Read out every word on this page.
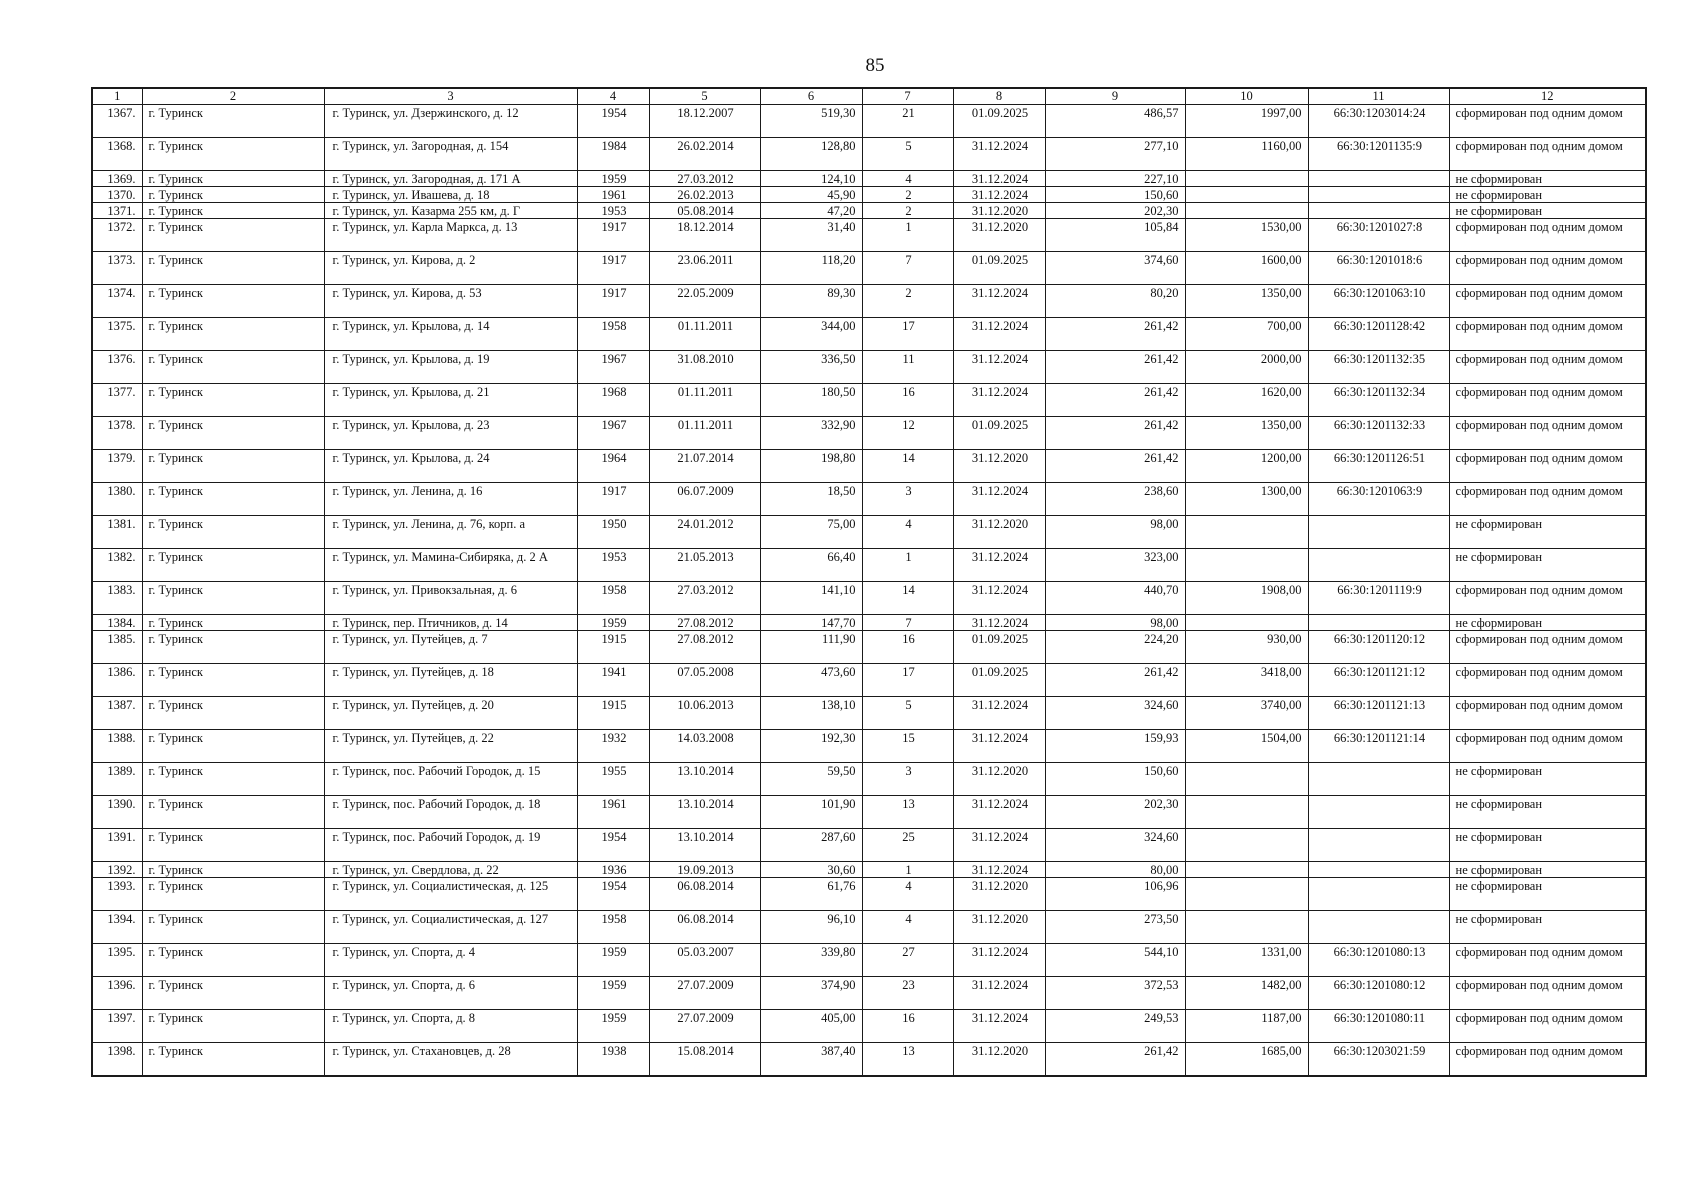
85
1	2	3	4	5	6	7	8	9	10	11	12
1367.	г. Туринск	г. Туринск, ул. Дзержинского, д. 12	1954	18.12.2007	519,30	21	01.09.2025	486,57	1997,00	66:30:1203014:24	сформирован под одним домом
1368.	г. Туринск	г. Туринск, ул. Загородная, д. 154	1984	26.02.2014	128,80	5	31.12.2024	277,10	1160,00	66:30:1201135:9	сформирован под одним домом
1369.	г. Туринск	г. Туринск, ул. Загородная, д. 171 А	1959	27.03.2012	124,10	4	31.12.2024	227,10			не сформирован
1370.	г. Туринск	г. Туринск, ул. Ивашева, д. 18	1961	26.02.2013	45,90	2	31.12.2024	150,60			не сформирован
1371.	г. Туринск	г. Туринск, ул. Казарма 255 км, д. Г	1953	05.08.2014	47,20	2	31.12.2020	202,30			не сформирован
1372.	г. Туринск	г. Туринск, ул. Карла Маркса, д. 13	1917	18.12.2014	31,40	1	31.12.2020	105,84	1530,00	66:30:1201027:8	сформирован под одним домом
1373.	г. Туринск	г. Туринск, ул. Кирова, д. 2	1917	23.06.2011	118,20	7	01.09.2025	374,60	1600,00	66:30:1201018:6	сформирован под одним домом
1374.	г. Туринск	г. Туринск, ул. Кирова, д. 53	1917	22.05.2009	89,30	2	31.12.2024	80,20	1350,00	66:30:1201063:10	сформирован под одним домом
1375.	г. Туринск	г. Туринск, ул. Крылова, д. 14	1958	01.11.2011	344,00	17	31.12.2024	261,42	700,00	66:30:1201128:42	сформирован под одним домом
1376.	г. Туринск	г. Туринск, ул. Крылова, д. 19	1967	31.08.2010	336,50	11	31.12.2024	261,42	2000,00	66:30:1201132:35	сформирован под одним домом
1377.	г. Туринск	г. Туринск, ул. Крылова, д. 21	1968	01.11.2011	180,50	16	31.12.2024	261,42	1620,00	66:30:1201132:34	сформирован под одним домом
1378.	г. Туринск	г. Туринск, ул. Крылова, д. 23	1967	01.11.2011	332,90	12	01.09.2025	261,42	1350,00	66:30:1201132:33	сформирован под одним домом
1379.	г. Туринск	г. Туринск, ул. Крылова, д. 24	1964	21.07.2014	198,80	14	31.12.2020	261,42	1200,00	66:30:1201126:51	сформирован под одним домом
1380.	г. Туринск	г. Туринск, ул. Ленина, д. 16	1917	06.07.2009	18,50	3	31.12.2024	238,60	1300,00	66:30:1201063:9	сформирован под одним домом
1381.	г. Туринск	г. Туринск, ул. Ленина, д. 76, корп. а	1950	24.01.2012	75,00	4	31.12.2020	98,00			не сформирован
1382.	г. Туринск	г. Туринск, ул. Мамина-Сибиряка, д. 2 А	1953	21.05.2013	66,40	1	31.12.2024	323,00			не сформирован
1383.	г. Туринск	г. Туринск, ул. Привокзальная, д. 6	1958	27.03.2012	141,10	14	31.12.2024	440,70	1908,00	66:30:1201119:9	сформирован под одним домом
1384.	г. Туринск	г. Туринск, пер. Птичников, д. 14	1959	27.08.2012	147,70	7	31.12.2024	98,00			не сформирован
1385.	г. Туринск	г. Туринск, ул. Путейцев, д. 7	1915	27.08.2012	111,90	16	01.09.2025	224,20	930,00	66:30:1201120:12	сформирован под одним домом
1386.	г. Туринск	г. Туринск, ул. Путейцев, д. 18	1941	07.05.2008	473,60	17	01.09.2025	261,42	3418,00	66:30:1201121:12	сформирован под одним домом
1387.	г. Туринск	г. Туринск, ул. Путейцев, д. 20	1915	10.06.2013	138,10	5	31.12.2024	324,60	3740,00	66:30:1201121:13	сформирован под одним домом
1388.	г. Туринск	г. Туринск, ул. Путейцев, д. 22	1932	14.03.2008	192,30	15	31.12.2024	159,93	1504,00	66:30:1201121:14	сформирован под одним домом
1389.	г. Туринск	г. Туринск, пос. Рабочий Городок, д. 15	1955	13.10.2014	59,50	3	31.12.2020	150,60			не сформирован
1390.	г. Туринск	г. Туринск, пос. Рабочий Городок, д. 18	1961	13.10.2014	101,90	13	31.12.2024	202,30			не сформирован
1391.	г. Туринск	г. Туринск, пос. Рабочий Городок, д. 19	1954	13.10.2014	287,60	25	31.12.2024	324,60			не сформирован
1392.	г. Туринск	г. Туринск, ул. Свердлова, д. 22	1936	19.09.2013	30,60	1	31.12.2024	80,00			не сформирован
1393.	г. Туринск	г. Туринск, ул. Социалистическая, д. 125	1954	06.08.2014	61,76	4	31.12.2020	106,96			не сформирован
1394.	г. Туринск	г. Туринск, ул. Социалистическая, д. 127	1958	06.08.2014	96,10	4	31.12.2020	273,50			не сформирован
1395.	г. Туринск	г. Туринск, ул. Спорта, д. 4	1959	05.03.2007	339,80	27	31.12.2024	544,10	1331,00	66:30:1201080:13	сформирован под одним домом
1396.	г. Туринск	г. Туринск, ул. Спорта, д. 6	1959	27.07.2009	374,90	23	31.12.2024	372,53	1482,00	66:30:1201080:12	сформирован под одним домом
1397.	г. Туринск	г. Туринск, ул. Спорта, д. 8	1959	27.07.2009	405,00	16	31.12.2024	249,53	1187,00	66:30:1201080:11	сформирован под одним домом
1398.	г. Туринск	г. Туринск, ул. Стахановцев, д. 28	1938	15.08.2014	387,40	13	31.12.2020	261,42	1685,00	66:30:1203021:59	сформирован под одним домом
